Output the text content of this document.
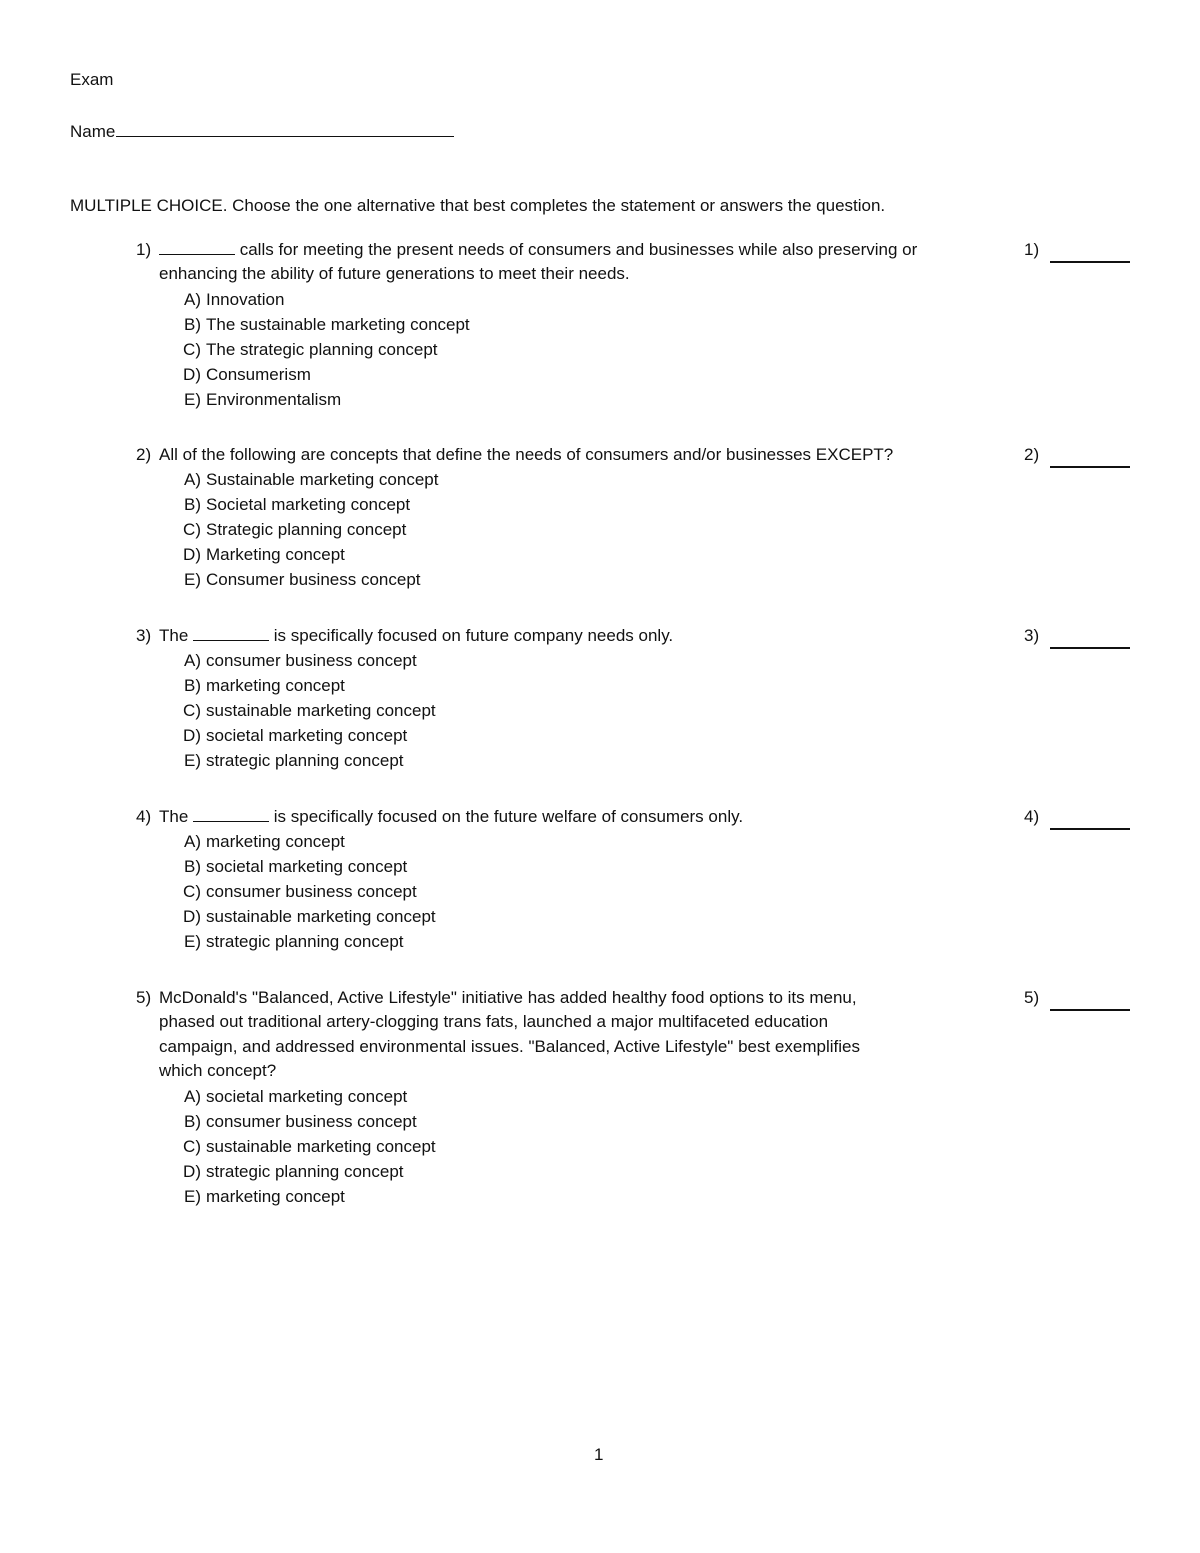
Exam
Name
MULTIPLE CHOICE. Choose the one alternative that best completes the statement or answers the question.
1)	calls for meeting the present needs of consumers and businesses while also preserving or
enhancing the ability of future generations to meet their needs.
A) Innovation
B) The sustainable marketing concept
C) The strategic planning concept
D) Consumerism
E) Environmentalism
2) All of the following are concepts that define the needs of consumers and/or businesses EXCEPT?
A) Sustainable marketing concept
B) Societal marketing concept
C) Strategic planning concept
D) Marketing concept
E) Consumer business concept
3) The	is specifically focused on future company needs only.
A) consumer business concept
B) marketing concept
C) sustainable marketing concept
D) societal marketing concept
E) strategic planning concept
4) The	is specifically focused on the future welfare of consumers only.
A) marketing concept
B) societal marketing concept
C) consumer business concept
D) sustainable marketing concept
E) strategic planning concept
5) McDonald's "Balanced, Active Lifestyle" initiative has added healthy food options to its menu,
phased out traditional artery-clogging trans fats, launched a major multifaceted education
campaign, and addressed environmental issues. "Balanced, Active Lifestyle" best exemplifies
which concept?
A) societal marketing concept
B) consumer business concept
C) sustainable marketing concept
D) strategic planning concept
E) marketing concept
1
1)
2)
3)
4)
5)
